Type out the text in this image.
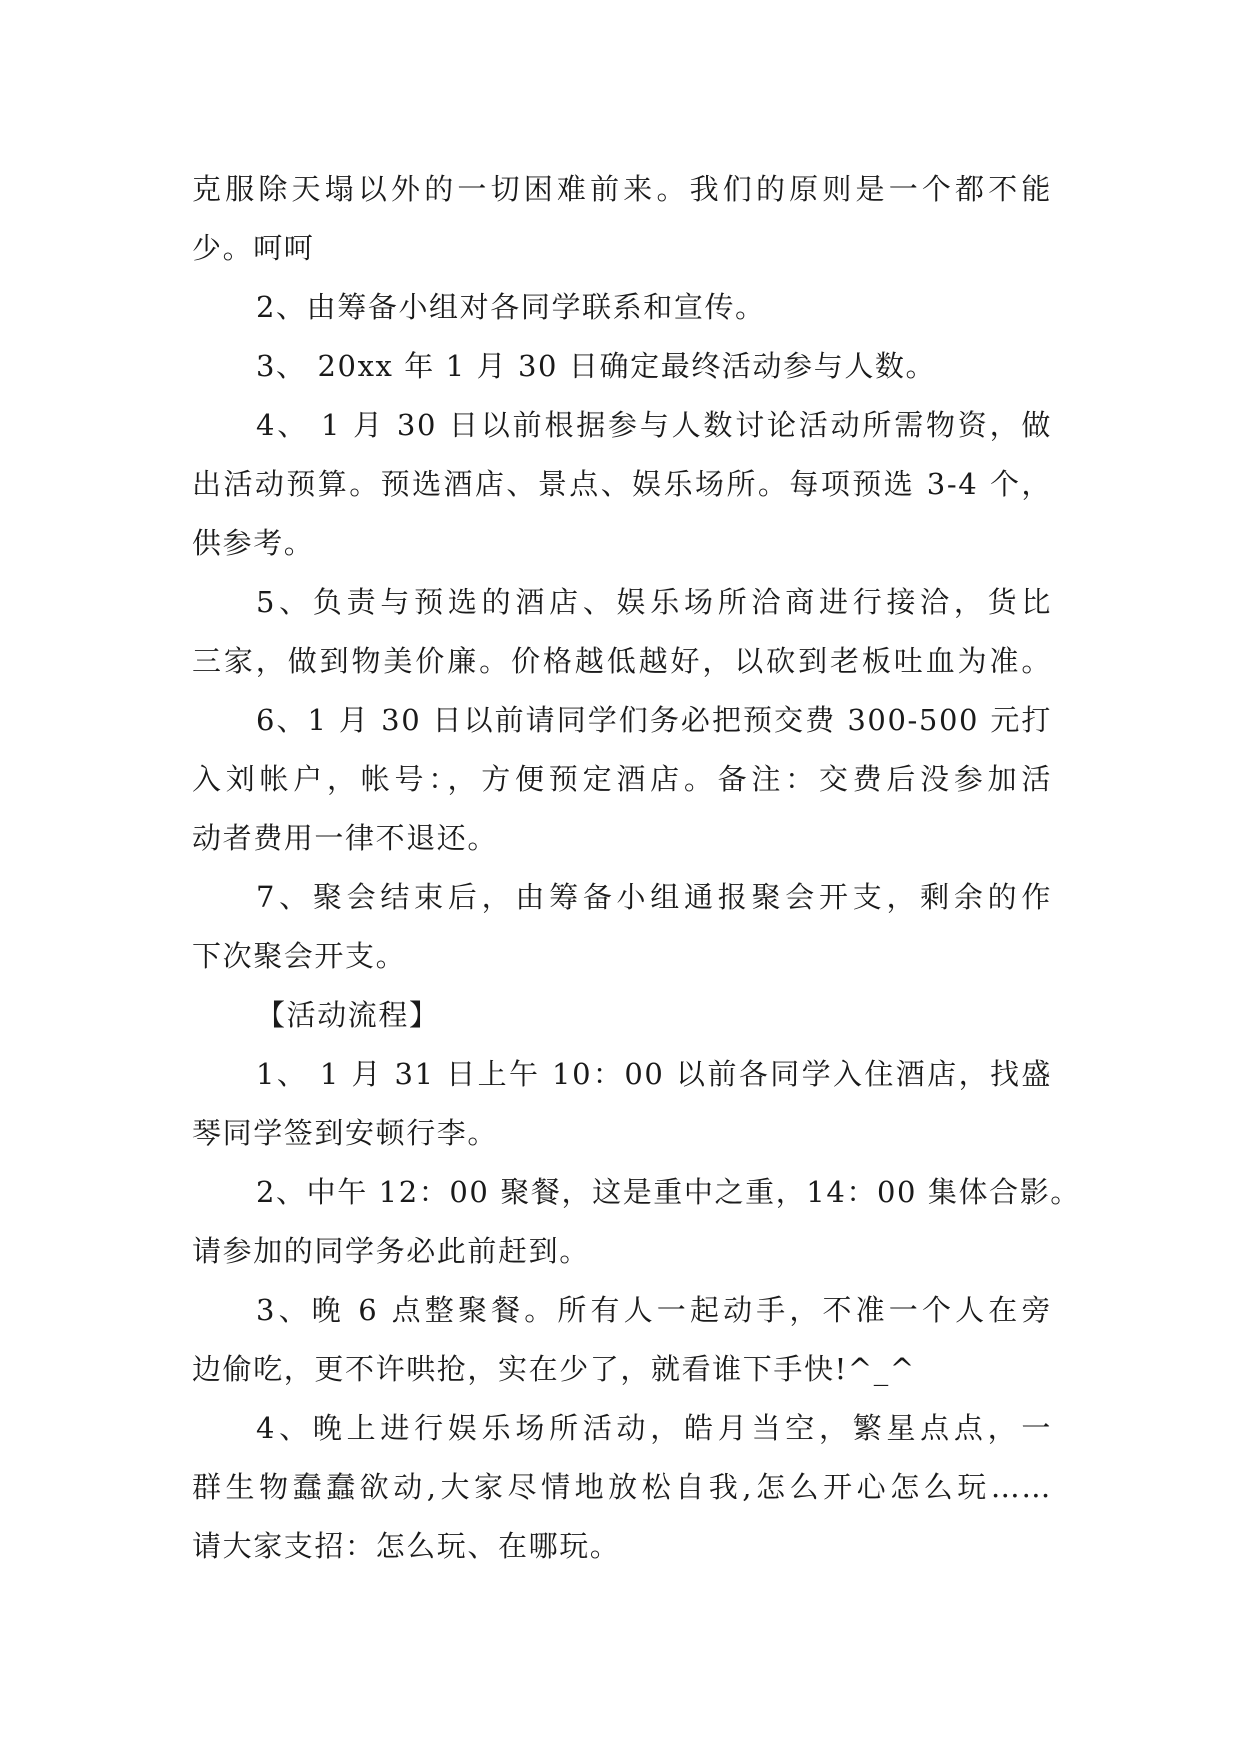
克服除天塌以外的一切困难前来。我们的原则是一个都不能
少。呵呵
2、由筹备小组对各同学联系和宣传。
3、 20xx 年 1 月 30 日确定最终活动参与人数。
4、 1 月 30 日以前根据参与人数讨论活动所需物资，做
出活动预算。预选酒店、景点、娱乐场所。每项预选 3-4 个，
供参考。
5、负责与预选的酒店、娱乐场所洽商进行接洽，货比
三家，做到物美价廉。价格越低越好，以砍到老板吐血为准。
6、1 月 30 日以前请同学们务必把预交费 300-500 元打
入刘帐户，帐号：，方便预定酒店。备注：交费后没参加活
动者费用一律不退还。
7、聚会结束后，由筹备小组通报聚会开支，剩余的作
下次聚会开支。
【活动流程】
1、 1 月 31 日上午 10：00 以前各同学入住酒店，找盛
琴同学签到安顿行李。
2、中午 12：00 聚餐，这是重中之重，14：00 集体合影。
请参加的同学务必此前赶到。
3、晚 6 点整聚餐。所有人一起动手，不准一个人在旁
边偷吃，更不许哄抢，实在少了，就看谁下手快!^_^
4、晚上进行娱乐场所活动，皓月当空，繁星点点，一
群生物蠢蠢欲动,大家尽情地放松自我,怎么开心怎么玩……
请大家支招：怎么玩、在哪玩。
